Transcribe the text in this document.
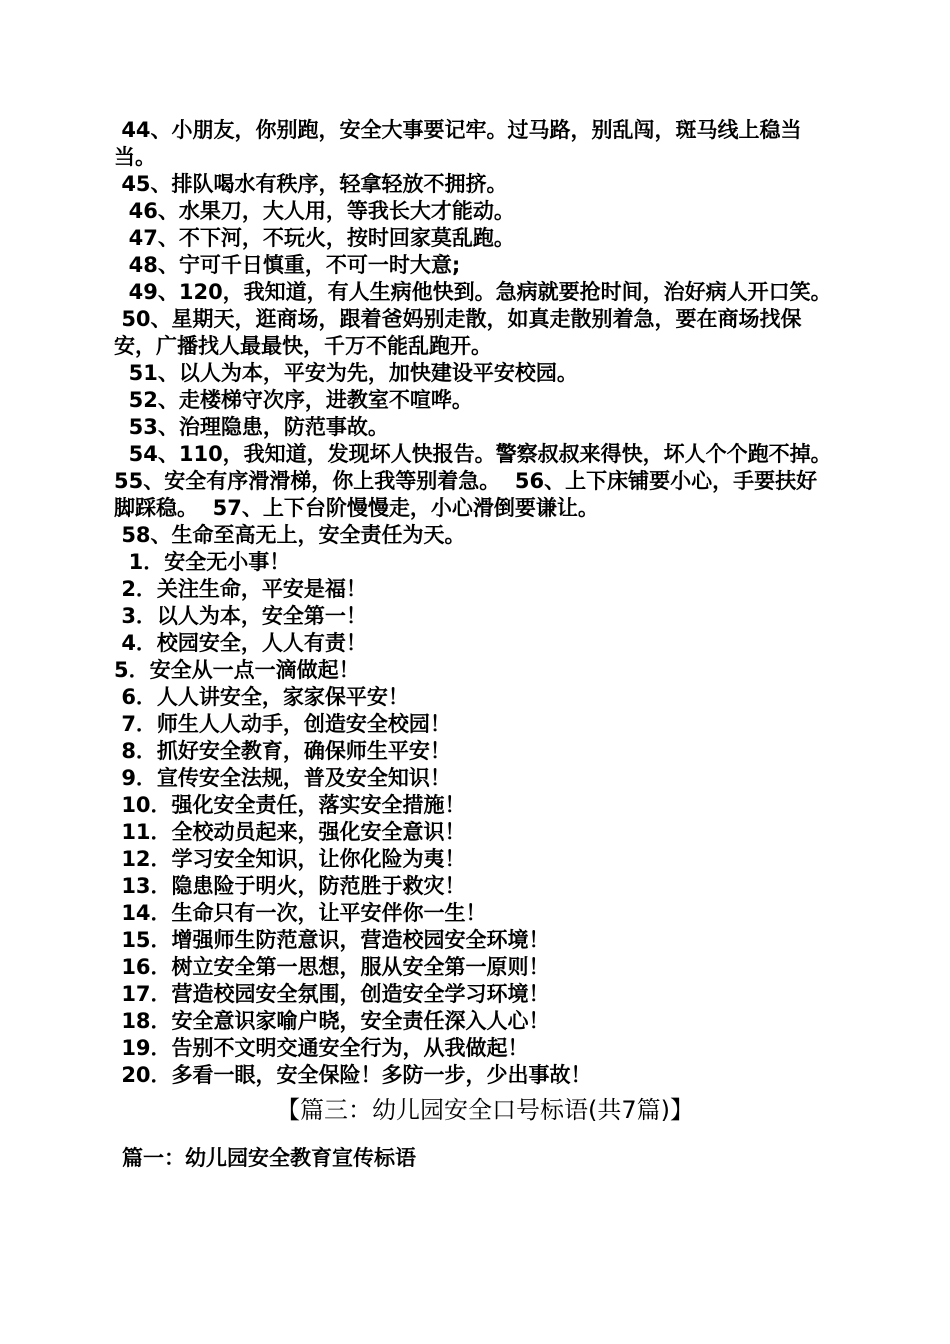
44、小朋友，你别跑，安全大事要记牢。过马路，别乱闯，斑马线上稳当当。
45、排队喝水有秩序，轻拿轻放不拥挤。
46、水果刀，大人用，等我长大才能动。
47、不下河，不玩火，按时回家莫乱跑。
48、宁可千日慎重，不可一时大意;
49、120，我知道，有人生病他快到。急病就要抢时间，治好病人开口笑。
50、星期天，逛商场，跟着爸妈别走散，如真走散别着急，要在商场找保安，广播找人最最快，千万不能乱跑开。
51、以人为本，平安为先，加快建设平安校园。
52、走楼梯守次序，进教室不喧哗。
53、治理隐患，防范事故。
54、110，我知道，发现坏人快报告。警察叔叔来得快，坏人个个跑不掉。  55、安全有序滑滑梯，你上我等别着急。  56、上下床铺要小心，手要扶好脚踩稳。  57、上下台阶慢慢走，小心滑倒要谦让。
58、生命至高无上，安全责任为天。
1．安全无小事！
2．关注生命，平安是福！
3．以人为本，安全第一！
4．校园安全，人人有责！
5．安全从一点一滴做起！
6．人人讲安全，家家保平安！
7．师生人人动手，创造安全校园！
8．抓好安全教育，确保师生平安！
9．宣传安全法规，普及安全知识！
10．强化安全责任，落实安全措施！
11．全校动员起来，强化安全意识！
12．学习安全知识，让你化险为夷！
13．隐患险于明火，防范胜于救灾！
14．生命只有一次，让平安伴你一生！
15．增强师生防范意识，营造校园安全环境！
16．树立安全第一思想，服从安全第一原则！
17．营造校园安全氛围，创造安全学习环境！
18．安全意识家喻户晓，安全责任深入人心！
19．告别不文明交通安全行为，从我做起！
20．多看一眼，安全保险！多防一步，少出事故！
【篇三：幼儿园安全口号标语(共7篇)】
篇一：幼儿园安全教育宣传标语
